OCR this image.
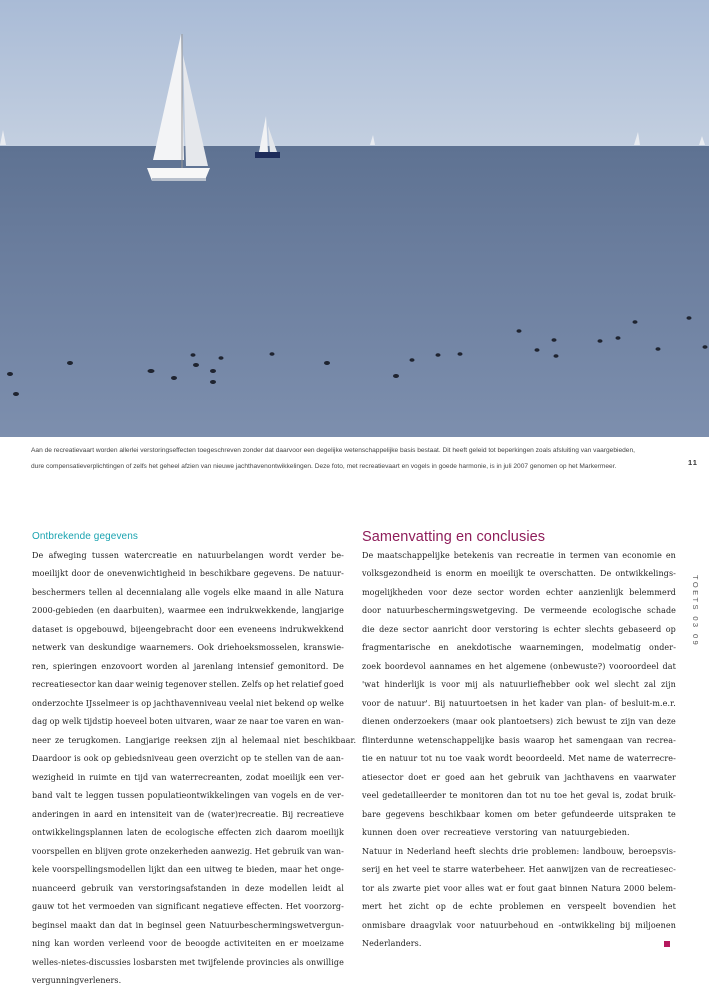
Aan de recreatievaart worden allerlei verstoringseffecten toegeschreven zonder dat daarvoor een degelijke wetenschappelijke basis bestaat. Dit heeft geleid tot beperkingen zoals afsluiting van vaargebieden,
dure compensatieverplichtingen of zelfs het geheel afzien van nieuwe jachthavenontwikkelingen. Deze foto, met recreatievaart en vogels in goede harmonie, is in juli 2007 genomen op het Markermeer.	11
TOETS 03 09
Ontbrekende gegevens
De afweging tussen watercreatie en natuurbelangen wordt verder be-
moeilijkt door de onevenwichtigheid in beschikbare gegevens. De natuur-
beschermers tellen al decennialang alle vogels elke maand in alle Natura
2000-gebieden (en daarbuiten), waarmee een indrukwekkende, langjarige
dataset is opgebouwd, bijeengebracht door een eveneens indrukwekkend
netwerk van deskundige waarnemers. Ook driehoeksmosselen, kranswie-
ren, spieringen enzovoort worden al jarenlang intensief gemonitord. De
recreatiesector kan daar weinig tegenover stellen. Zelfs op het relatief goed
onderzochte IJsselmeer is op jachthavenniveau veelal niet bekend op welke
dag op welk tijdstip hoeveel boten uitvaren, waar ze naar toe varen en wan-
neer ze terugkomen. Langjarige reeksen zijn al helemaal niet beschikbaar.
Daardoor is ook op gebiedsniveau geen overzicht op te stellen van de aan-
wezigheid in ruimte en tijd van waterrecreanten, zodat moeilijk een ver-
band valt te leggen tussen populatieontwikkelingen van vogels en de ver-
anderingen in aard en intensiteit van de (water)recreatie. Bij recreatieve
ontwikkelingsplannen laten de ecologische effecten zich daarom moeilijk
voorspellen en blijven grote onzekerheden aanwezig. Het gebruik van wan-
kele voorspellingsmodellen lijkt dan een uitweg te bieden, maar het onge-
nuanceerd gebruik van verstoringsafstanden in deze modellen leidt al
gauw tot het vermoeden van significant negatieve effecten. Het voorzorg-
beginsel maakt dan dat in beginsel geen Natuurbeschermingswetvergun-
ning kan worden verleend voor de beoogde activiteiten en er moeizame
welles-nietes-discussies losbarsten met twijfelende provincies als onwillige
vergunningverleners.
Samenvatting en conclusies
De maatschappelijke betekenis van recreatie in termen van economie en
volksgezondheid is enorm en moeilijk te overschatten. De ontwikkelings-
mogelijkheden voor deze sector worden echter aanzienlijk belemmerd
door natuurbeschermingswetgeving. De vermeende ecologische schade
die deze sector aanricht door verstoring is echter slechts gebaseerd op
fragmentarische en anekdotische waarnemingen, modelmatig onder-
zoek boordevol aannames en het algemene (onbewuste?) vooroordeel dat
'wat hinderlijk is voor mij als natuurliefhebber ook wel slecht zal zijn
voor de natuur'. Bij natuurtoetsen in het kader van plan- of besluit-m.e.r.
dienen onderzoekers (maar ook plantoetsers) zich bewust te zijn van deze
flinterdunne wetenschappelijke basis waarop het samengaan van recrea-
tie en natuur tot nu toe vaak wordt beoordeeld. Met name de waterrecre-
atiesector doet er goed aan het gebruik van jachthavens en vaarwater
veel gedetailleerder te monitoren dan tot nu toe het geval is, zodat bruik-
bare gegevens beschikbaar komen om beter gefundeerde uitspraken te
kunnen doen over recreatieve verstoring van natuurgebieden.
Natuur in Nederland heeft slechts drie problemen: landbouw, beroepsvis-
serij en het veel te starre waterbeheer. Het aanwijzen van de recreatiesec-
tor als zwarte piet voor alles wat er fout gaat binnen Natura 2000 belem-
mert het zicht op de echte problemen en verspeelt bovendien het
onmisbare draagvlak voor natuurbehoud en -ontwikkeling bij miljoenen
Nederlanders.
